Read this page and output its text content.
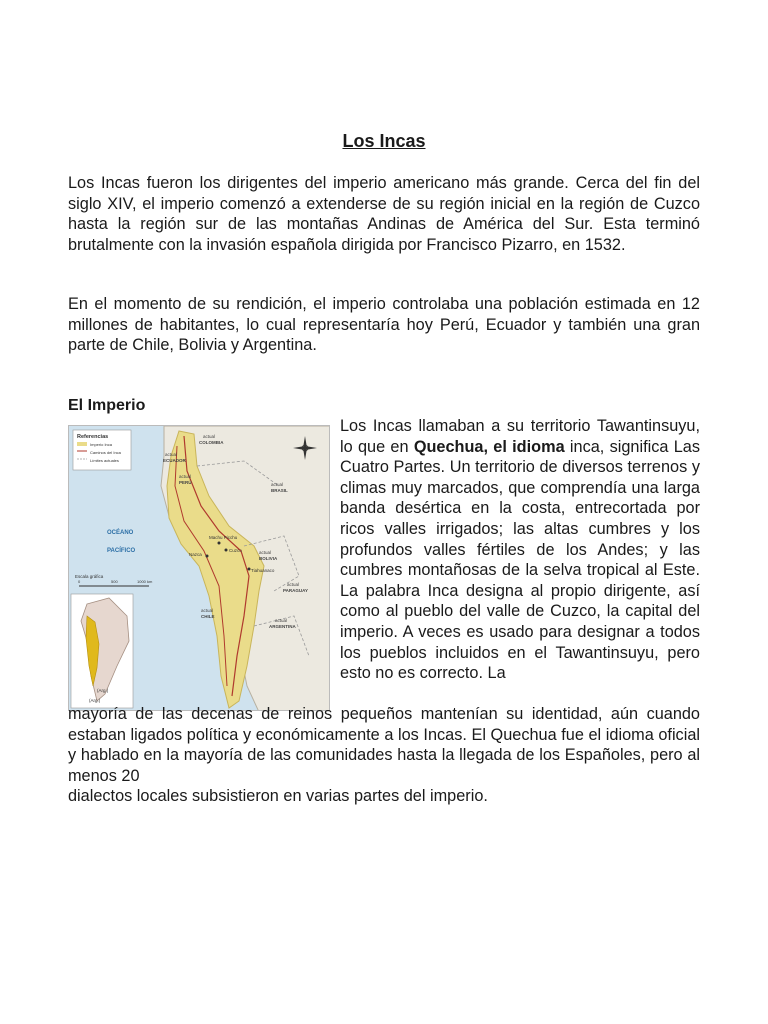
Los Incas

Los Incas fueron los dirigentes del imperio americano más grande. Cerca del fin del siglo XIV, el imperio comenzó a extenderse de su región inicial en la región de Cuzco hasta la región sur de las montañas Andinas de América del Sur. Esta terminó brutalmente con la invasión española dirigida por Francisco Pizarro, en 1532.

En el momento de su rendición, el imperio controlaba una población estimada en 12 millones de habitantes, lo cual representaría hoy Perú, Ecuador y también una gran parte de Chile, Bolivia y Argentina.

El Imperio
Referencias
Imperio Inca
Caminos del Inca
Límites actuales
OCÉANO
PACÍFICO
Escala gráfica
0	500	1000 km
actual
COLOMBIA
actual
ECUADOR
actual
BRASIL
actual
PERÚ
actual
BOLIVIA
actual
PARAGUAY
actual
CHILE
actual
ARGENTINA
Machu Picchu
Cuzco
Nazca
Tiahuanaco
(Arg.)
(Arg.)

Los Incas llamaban a su territorio Tawantinsuyu, lo que en Quechua, el idioma inca, significa Las Cuatro Partes. Un territorio de diversos terrenos y climas muy marcados, que comprendía una larga banda desértica en la costa, entrecortada por ricos valles irrigados; las altas cumbres y los profundos valles fértiles de los Andes; y las cumbres montañosas de la selva tropical al Este. La palabra Inca designa al propio dirigente, así como al pueblo del valle de Cuzco, la capital del imperio. A veces es usado para designar a todos los pueblos incluidos en el Tawantinsuyu, pero esto no es correcto. La

mayoría de las decenas de reinos pequeños mantenían su identidad, aún cuando estaban ligados política y económicamente a los Incas. El Quechua fue el idioma oficial y hablado en la mayoría de las comunidades hasta la llegada de los Españoles, pero al menos 20
dialectos locales subsistieron en varias partes del imperio.
